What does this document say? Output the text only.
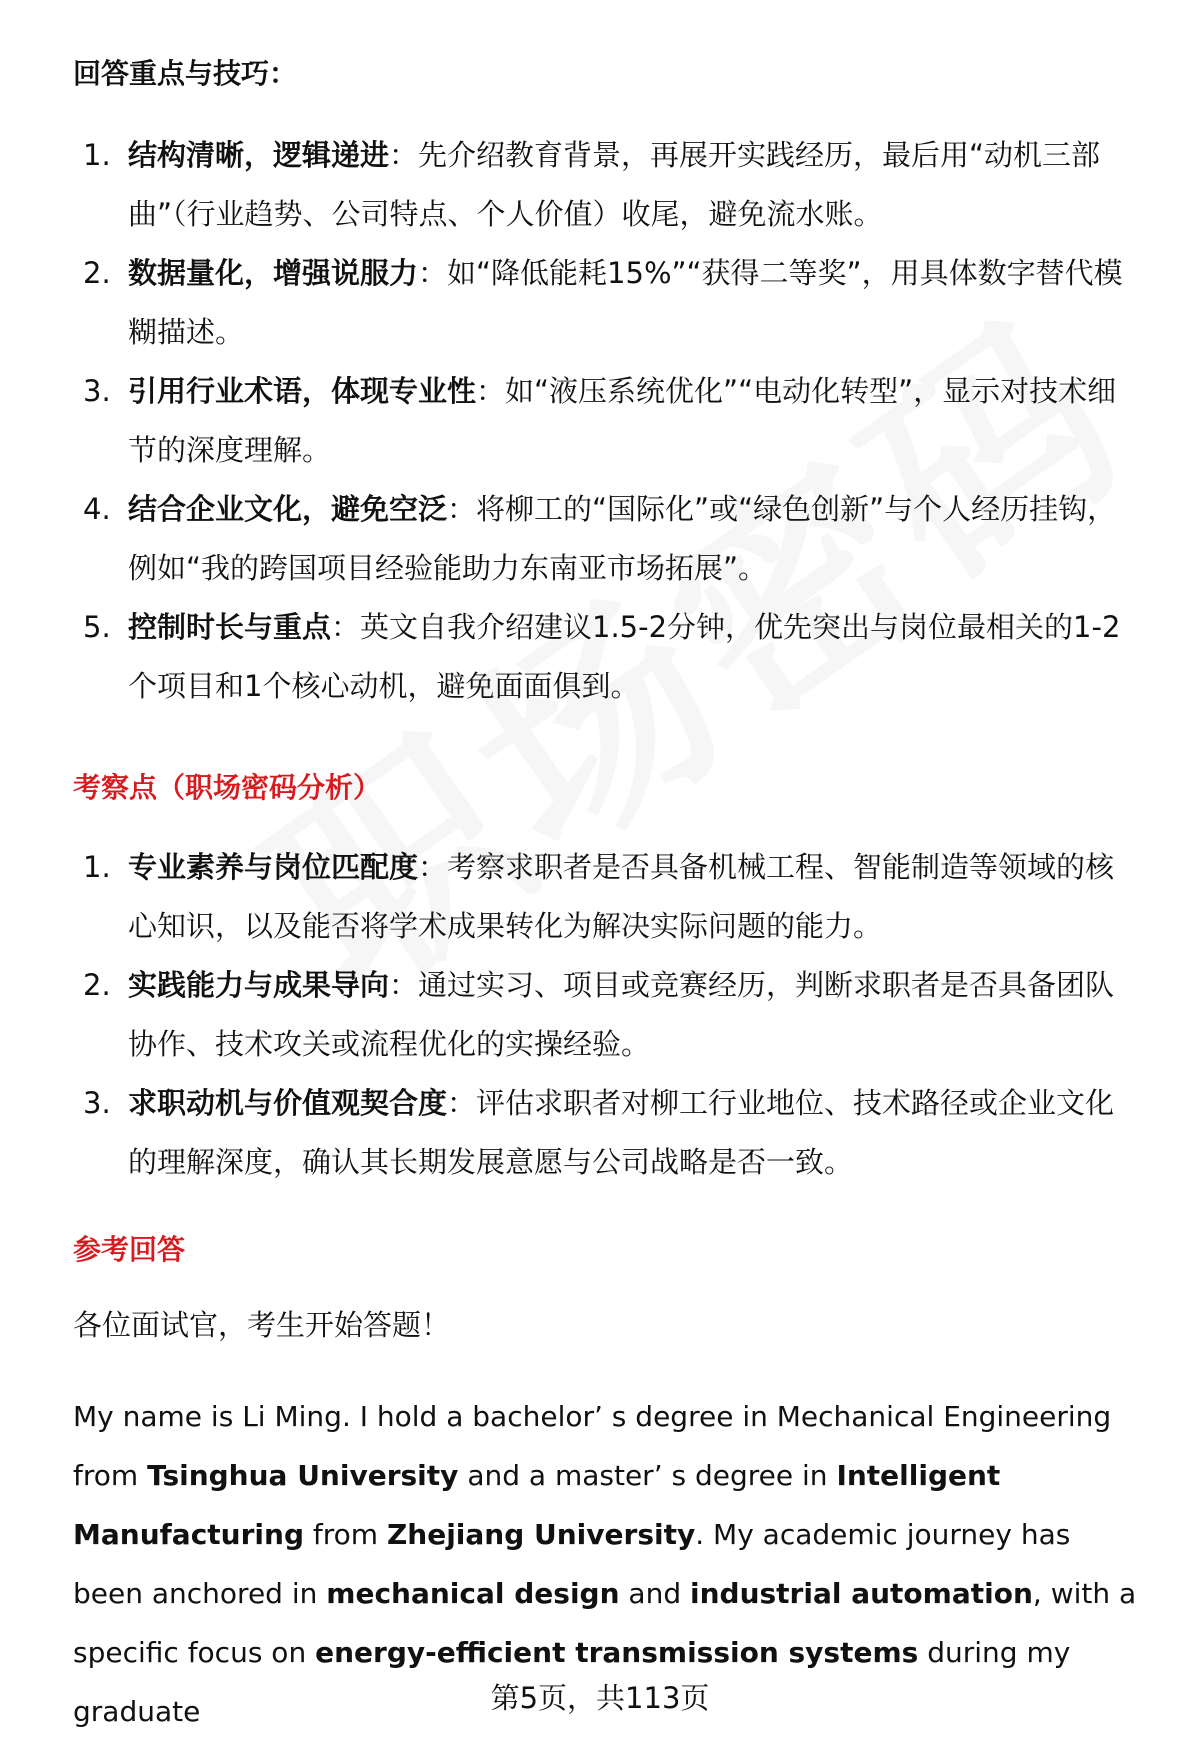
回答重点与技巧：

1. 结构清晰，逻辑递进：先介绍教育背景，再展开实践经历，最后用“动机三部曲”（行业趋势、公司特点、个人价值）收尾，避免流水账。

2. 数据量化，增强说服力：如“降低能耗15%”“获得二等奖”，用具体数字替代模糊描述。

3. 引用行业术语，体现专业性：如“液压系统优化”“电动化转型”，显示对技术细节的深度理解。

4. 结合企业文化，避免空泛：将柳工的“国际化”或“绿色创新”与个人经历挂钩，例如“我的跨国项目经验能助力东南亚市场拓展”。

5. 控制时长与重点：英文自我介绍建议1.5-2分钟，优先突出与岗位最相关的1-2个项目和1个核心动机，避免面面俱到。

考察点（职场密码分析）

1. 专业素养与岗位匹配度：考察求职者是否具备机械工程、智能制造等领域的核心知识，以及能否将学术成果转化为解决实际问题的能力。

2. 实践能力与成果导向：通过实习、项目或竞赛经历，判断求职者是否具备团队协作、技术攻关或流程优化的实操经验。

3. 求职动机与价值观契合度：评估求职者对柳工行业地位、技术路径或企业文化的理解深度，确认其长期发展意愿与公司战略是否一致。

参考回答
各位面试官，考生开始答题！
My name is Li Ming. I hold a bachelor’ s degree in Mechanical Engineering from Tsinghua University and a master’ s degree in Intelligent Manufacturing from Zhejiang University. My academic journey has been anchored in mechanical design and industrial automation, with a specific focus on energy-efficient transmission systems during my graduate	第5页，共113页
